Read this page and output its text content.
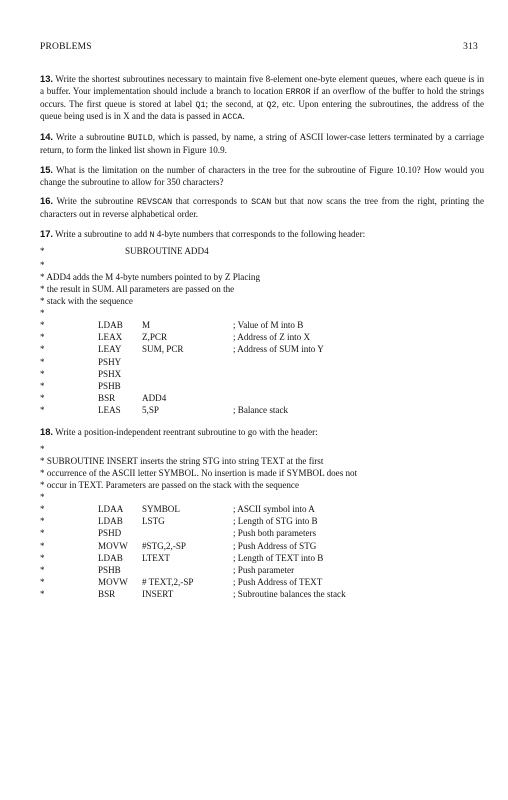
PROBLEMS	313

13. Write the shortest subroutines necessary to maintain five 8-element one-byte element queues, where each queue is in a buffer. Your implementation should include a branch to location ERROR if an overflow of the buffer to hold the strings occurs. The first queue is stored at label Q1; the second, at Q2, etc. Upon entering the subroutines, the address of the queue being used is in X and the data is passed in ACCA.

14. Write a subroutine BUILD, which is passed, by name, a string of ASCII lower-case letters terminated by a carriage return, to form the linked list shown in Figure 10.9.

15. What is the limitation on the number of characters in the tree for the subroutine of Figure 10.10? How would you change the subroutine to allow for 350 characters?

16. Write the subroutine REVSCAN that corresponds to SCAN but that now scans the tree from the right, printing the characters out in reverse alphabetical order.

17. Write a subroutine to add N 4-byte numbers that corresponds to the following header:

*	SUBROUTINE ADD4
*
* ADD4 adds the M 4-byte numbers pointed to by Z Placing
* the result in SUM. All parameters are passed on the
* stack with the sequence
*
*	LDAB M	; Value of M into B
*	LEAX Z,PCR	; Address of Z into X
*	LEAY SUM, PCR	; Address of SUM into Y
*	PSHY
*	PSHX
*	PSHB
*	BSR	ADD4
*	LEAS 5,SP	; Balance stack

18. Write a position-independent reentrant subroutine to go with the header:

*
* SUBROUTINE INSERT inserts the string STG into string TEXT at the first
* occurrence of the ASCII letter SYMBOL. No insertion is made if SYMBOL does not
* occur in TEXT. Parameters are passed on the stack with the sequence
*
*	LDAA SYMBOL	; ASCII symbol into A
*	LDAB LSTG	; Length of STG into B
*	PSHD	; Push both parameters
*	MOVW #STG,2,-SP	; Push Address of STG
*	LDAB LTEXT	; Length of TEXT into B
*	PSHB	; Push parameter
*	MOVW # TEXT,2,-SP	; Push Address of TEXT
*	BSR	INSERT	; Subroutine balances the stack
